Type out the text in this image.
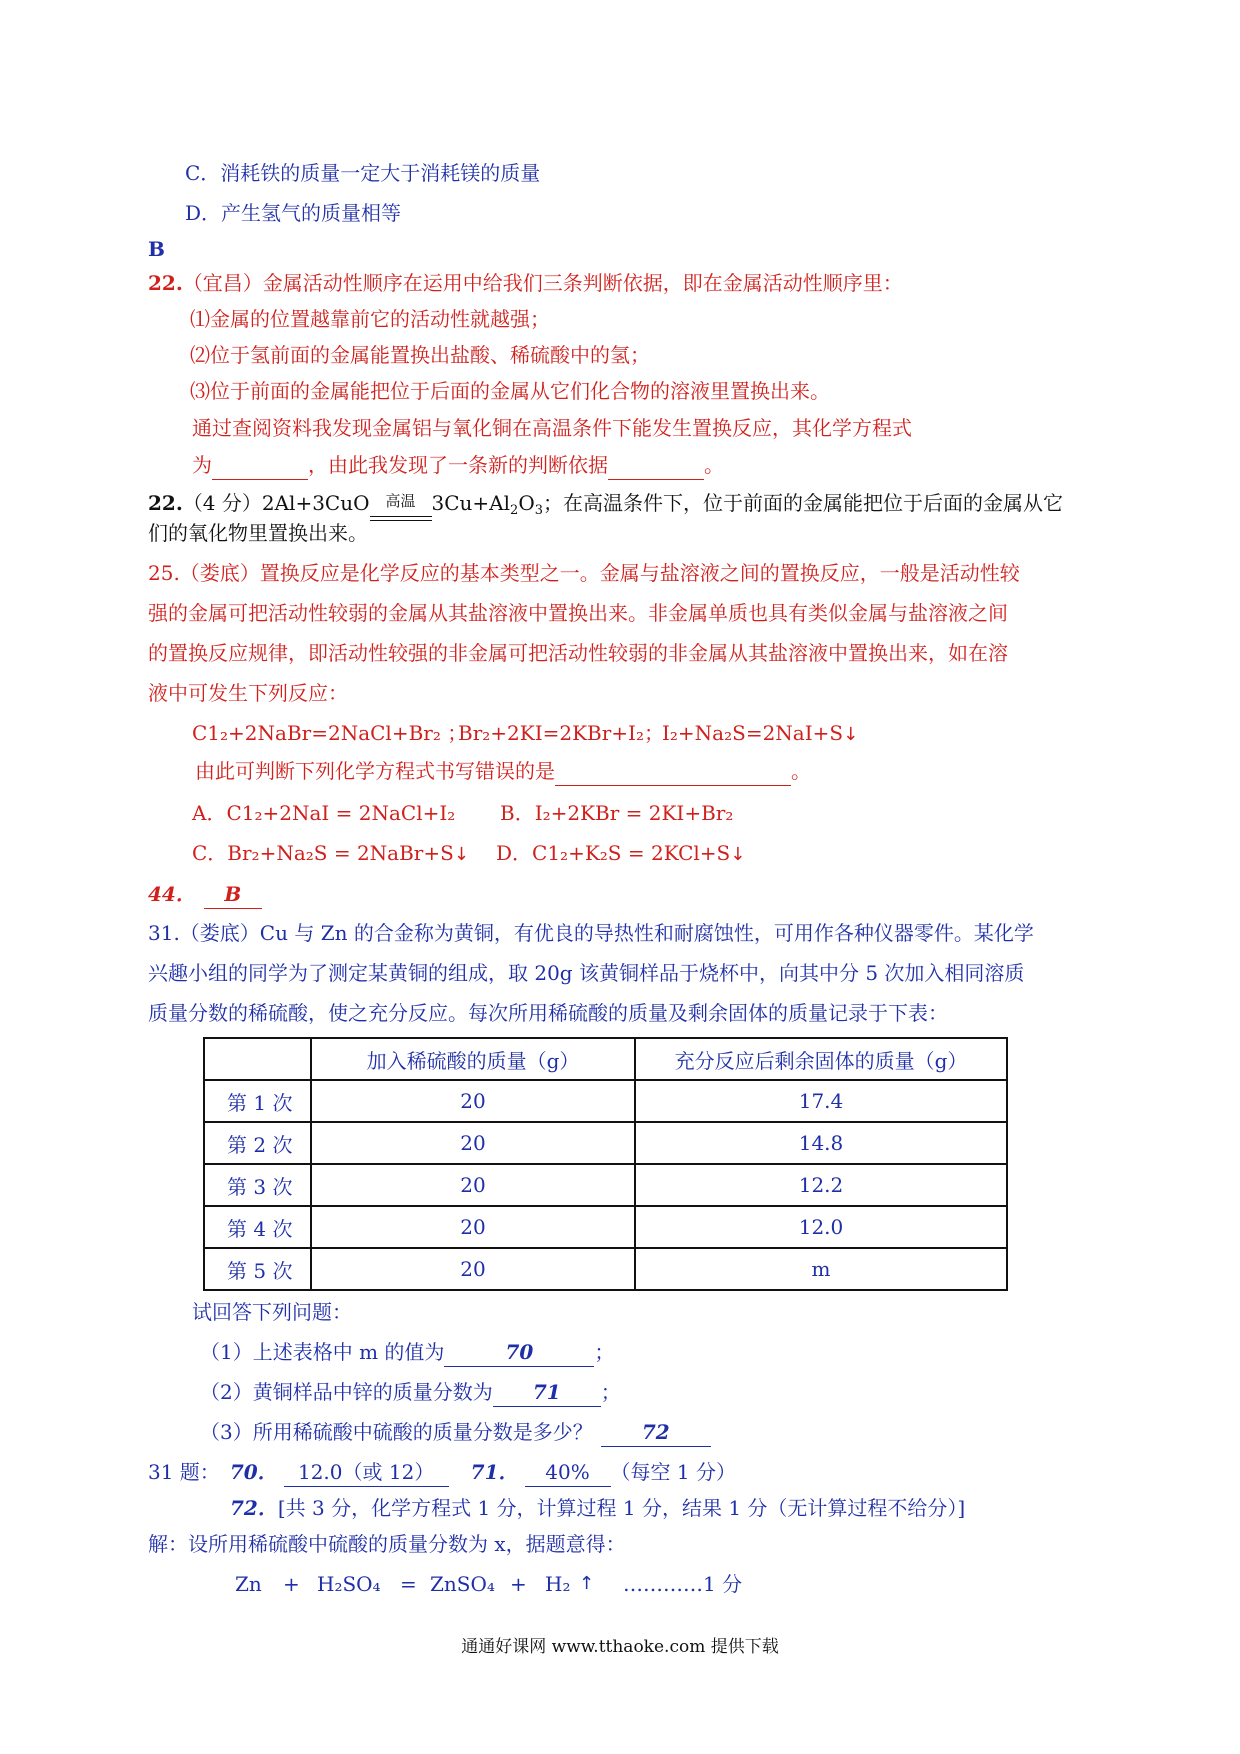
C．消耗铁的质量一定大于消耗镁的质量
D．产生氢气的质量相等
B
22.（宜昌）金属活动性顺序在运用中给我们三条判断依据，即在金属活动性顺序里：
⑴金属的位置越靠前它的活动性就越强；
⑵位于氢前面的金属能置换出盐酸、稀硫酸中的氢；
⑶位于前面的金属能把位于后面的金属从它们化合物的溶液里置换出来。
通过查阅资料我发现金属铝与氧化铜在高温条件下能发生置换反应，其化学方程式
为	，由此我发现了一条新的判断依据	。
22.（4 分）2Al+3CuO 高温 $3Cu+Al_2O_3$；在高温条件下，位于前面的金属能把位于后面的金属从它
们的氧化物里置换出来。
25.（娄底）置换反应是化学反应的基本类型之一。金属与盐溶液之间的置换反应，一般是活动性较
强的金属可把活动性较弱的金属从其盐溶液中置换出来。非金属单质也具有类似金属与盐溶液之间
的置换反应规律，即活动性较强的非金属可把活动性较弱的非金属从其盐溶液中置换出来，如在溶
液中可发生下列反应：
C1₂+2NaBr=2NaCl+Br₂ ；
Br₂+2KI=2KBr+I₂；
I₂+Na₂S=2NaI+S↓
由此可判断下列化学方程式书写错误的是	。
A．C1₂+2NaI = 2NaCl+I₂ B．I₂+2KBr = 2KI+Br₂
C．Br₂+Na₂S = 2NaBr+S↓ D．C1₂+K₂S = 2KCl+S↓
44． B
31.（娄底）Cu 与 Zn 的合金称为黄铜，有优良的导热性和耐腐蚀性，可用作各种仪器零件。某化学
兴趣小组的同学为了测定某黄铜的组成，取 20g 该黄铜样品于烧杯中，向其中分 5 次加入相同溶质
质量分数的稀硫酸，使之充分反应。每次所用稀硫酸的质量及剩余固体的质量记录于下表：
	加入稀硫酸的质量（g）	充分反应后剩余固体的质量（g）
第 1 次	20	17.4
第 2 次	20	14.8
第 3 次	20	12.2
第 4 次	20	12.0
第 5 次	20	m
试回答下列问题：
（1）上述表格中 m 的值为	70	；
（2）黄铜样品中锌的质量分数为 71 ；
（3）所用稀硫酸中硫酸的质量分数是多少？ 72
31 题： 70． 12.0（或 12） 71． 40% （每空 1 分）
72．[共 3 分，化学方程式 1 分，计算过程 1 分，结果 1 分（无计算过程不给分）]
解：设所用稀硫酸中硫酸的质量分数为 x，据题意得：
Zn + H₂SO₄ = ZnSO₄ + H₂ ↑ …………1 分
通通好课网 www.tthaoke.com 提供下载
